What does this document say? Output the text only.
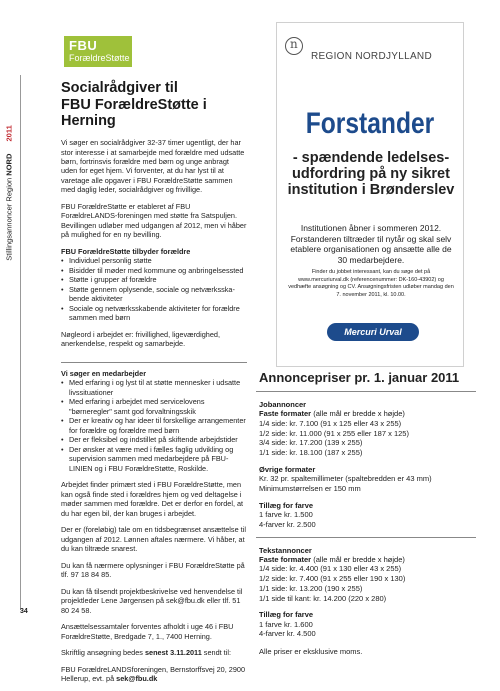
Stillingsannoncer Region NORD 2011
FBU
ForældreStøtte
Socialrådgiver til
FBU ForældreStøtte i Herning

Vi søger en socialrådgiver 32-37 timer ugentligt, der har stor interesse i at samarbejde med forældre med udsatte børn, fortrinsvis forældre med børn og unge anbragt uden for eget hjem. Vi forventer, at du har lyst til at varetage alle opgaver i FBU ForældreStøtte sammen med daglig leder, socialrådgiver og frivillige.

FBU ForældreStøtte er etableret af FBU ForældreLANDS-foreningen med støtte fra Satspuljen. Bevillingen udløber med udgangen af 2012, men vi håber på mulighed for en ny bevilling.

FBU ForældreStøtte tilbyder forældre
• Individuel personlig støtte
• Bisidder til møder med kommune og anbringelsessted
• Støtte i grupper af forældre
• Støtte gennem oplysende, sociale og netværksska-bende aktiviteter
• Sociale og netværksskabende aktiviteter for forældre sammen med børn

Nøgleord i arbejdet er: frivillighed, ligeværdighed, anerkendelse, respekt og samarbejde.

Vi søger en medarbejder
• Med erfaring i og lyst til at støtte mennesker i udsatte livssituationer
• Med erfaring i arbejdet med servicelovens "børneregler" samt god forvaltningsskik
• Der er kreativ og har ideer til forskellige arrangementer for forældre og forældre med børn
• Der er fleksibel og indstillet på skiftende arbejdstider
• Der ønsker at være med i fælles faglig udvikling og supervision sammen med medarbejdere på FBU-LINIEN og i FBU ForældreStøtte, Roskilde.

Arbejdet finder primært sted i FBU ForældreStøtte, men kan også finde sted i forældres hjem og ved deltagelse i møder sammen med forældre. Det er derfor en fordel, at du har egen bil, der kan bruges i arbejdet.

Der er (foreløbig) tale om en tidsbegrænset ansættelse til udgangen af 2012. Lønnen aftales nærmere. Vi håber, at du kan tiltræde snarest.

Du kan få nærmere oplysninger i FBU ForældreStøtte på tlf. 97 18 84 85.

Du kan få tilsendt projektbeskrivelse ved henvendelse til projektleder Lene Jørgensen på sek@fbu.dk eller tlf. 51 80 24 58.

Ansættelsessamtaler forventes afholdt i uge 46 i FBU ForældreStøtte, Bredgade 7, 1., 7400 Herning.

Skriftlig ansøgning bedes senest 3.11.2011 sendt til:

FBU ForældreLANDSforeningen, Bernstorffsvej 20, 2900
Hellerup, evt. på sek@fbu.dk

n
REGION NORDJYLLAND
Forstander
- spændende ledelses-udfordring på ny sikret institution i Brønderslev
Institutionen åbner i sommeren 2012. Forstanderen tiltræder til nytår og skal selv etablere organisationen og ansætte alle de 30 medarbejdere.
Finder du jobbet interessant, kan du søge det på www.mercuriurval.dk (referencenummer: DK-160-43902) og vedhæfte ansøgning og CV. Ansøgningsfristen udløber mandag den 7. november 2011, kl. 10.00.
Mercuri Urval
Annoncepriser pr. 1. januar 2011
Jobannoncer
Faste formater (alle mål er bredde x højde)
1/4 side: kr. 7.100 (91 x 125 eller 43 x 255)
1/2 side: kr. 11.000 (91 x 255 eller 187 x 125)
3/4 side: kr. 17.200 (139 x 255)
1/1 side: kr. 18.100 (187 x 255)
Øvrige formater
Kr. 32 pr. spaltemillimeter (spaltebredden er 43 mm)
Minimumstørrelsen er 150 mm
Tillæg for farve
1 farve kr. 1.500
4-farver kr. 2.500
Tekstannoncer
Faste formater (alle mål er bredde x højde)
1/4 side: kr. 4.400 (91 x 130 eller 43 x 255)
1/2 side: kr. 7.400 (91 x 255 eller 190 x 130)
1/1 side: kr. 13.200 (190 x 255)
1/1 side til kant: kr. 14.200 (220 x 280)
Tillæg for farve
1 farve kr. 1.600
4-farver kr. 4.500
Alle priser er eksklusive moms.
34
